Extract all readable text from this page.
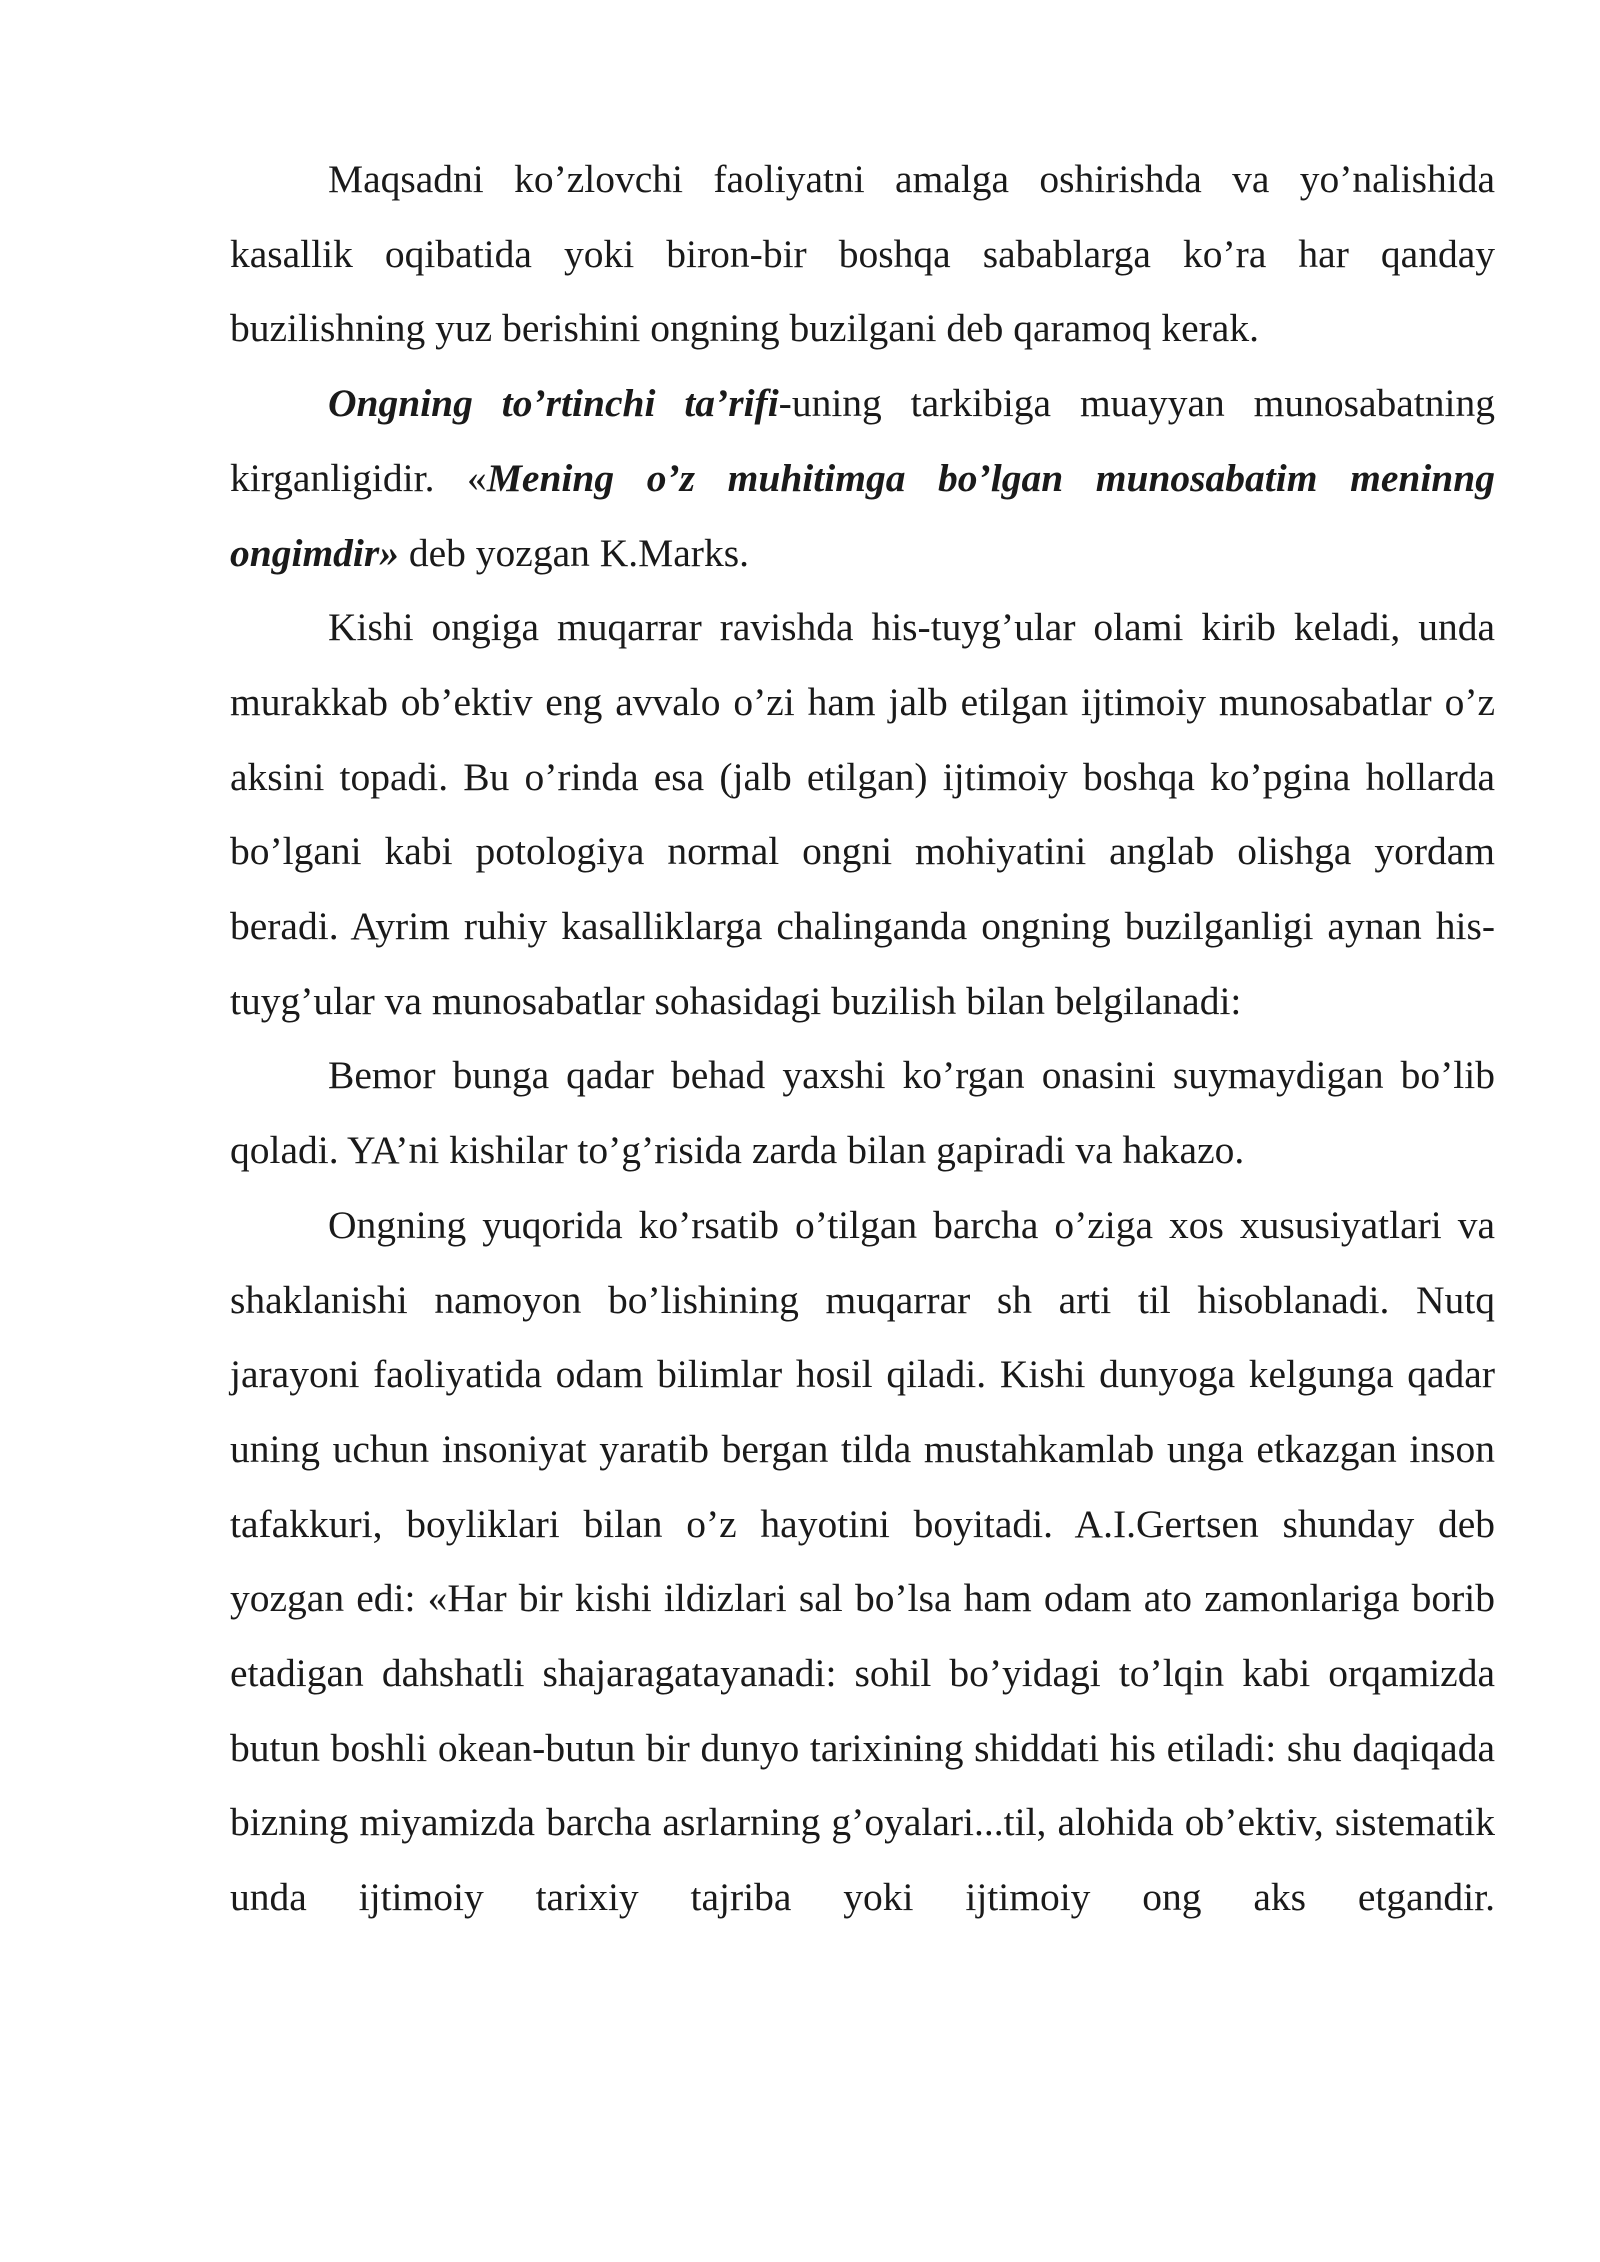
Maqsadni ko’zlovchi faoliyatni amalga oshirishda va yo’nalishida kasallik oqibatida yoki biron-bir boshqa sabablarga ko’ra har qanday buzilishning yuz berishini ongning buzilgani deb qaramoq kerak.

Ongning to’rtinchi ta’rifi-uning tarkibiga muayyan munosabatning kirganligidir. «Mening o’z muhitimga bo’lgan munosabatim meninng ongimdir» deb yozgan K.Marks.

Kishi ongiga muqarrar ravishda his-tuyg’ular olami kirib keladi, unda murakkab ob’ektiv eng avvalo o’zi ham jalb etilgan ijtimoiy munosabatlar o’z aksini topadi. Bu o’rinda esa (jalb etilgan) ijtimoiy boshqa ko’pgina hollarda bo’lgani kabi potologiya normal ongni mohiyatini anglab olishga yordam beradi. Ayrim ruhiy kasalliklarga chalinganda ongning buzilganligi aynan his-tuyg’ular va munosabatlar sohasidagi buzilish bilan belgilanadi:

Bemor bunga qadar behad yaxshi ko’rgan onasini suymaydigan bo’lib qoladi. YA’ni kishilar to’g’risida zarda bilan gapiradi va hakazo.

Ongning yuqorida ko’rsatib o’tilgan barcha o’ziga xos xususiyatlari va shaklanishi namoyon bo’lishining muqarrar sh arti til hisoblanadi. Nutq jarayoni faoliyatida odam bilimlar hosil qiladi. Kishi dunyoga kelgunga qadar uning uchun insoniyat yaratib bergan tilda mustahkamlab unga etkazgan inson tafakkuri, boyliklari bilan o’z hayotini boyitadi. A.I.Gertsen shunday deb yozgan edi: «Har bir kishi ildizlari sal bo’lsa ham odam ato zamonlariga borib etadigan dahshatli shajaragatayanadi: sohil bo’yidagi to’lqin kabi orqamizda butun boshli okean-butun bir dunyo tarixining shiddati his etiladi: shu daqiqada bizning miyamizda barcha asrlarning g’oyalari...til, alohida ob’ektiv, sistematik unda ijtimoiy tarixiy tajriba yoki ijtimoiy ong aks etgandir.
